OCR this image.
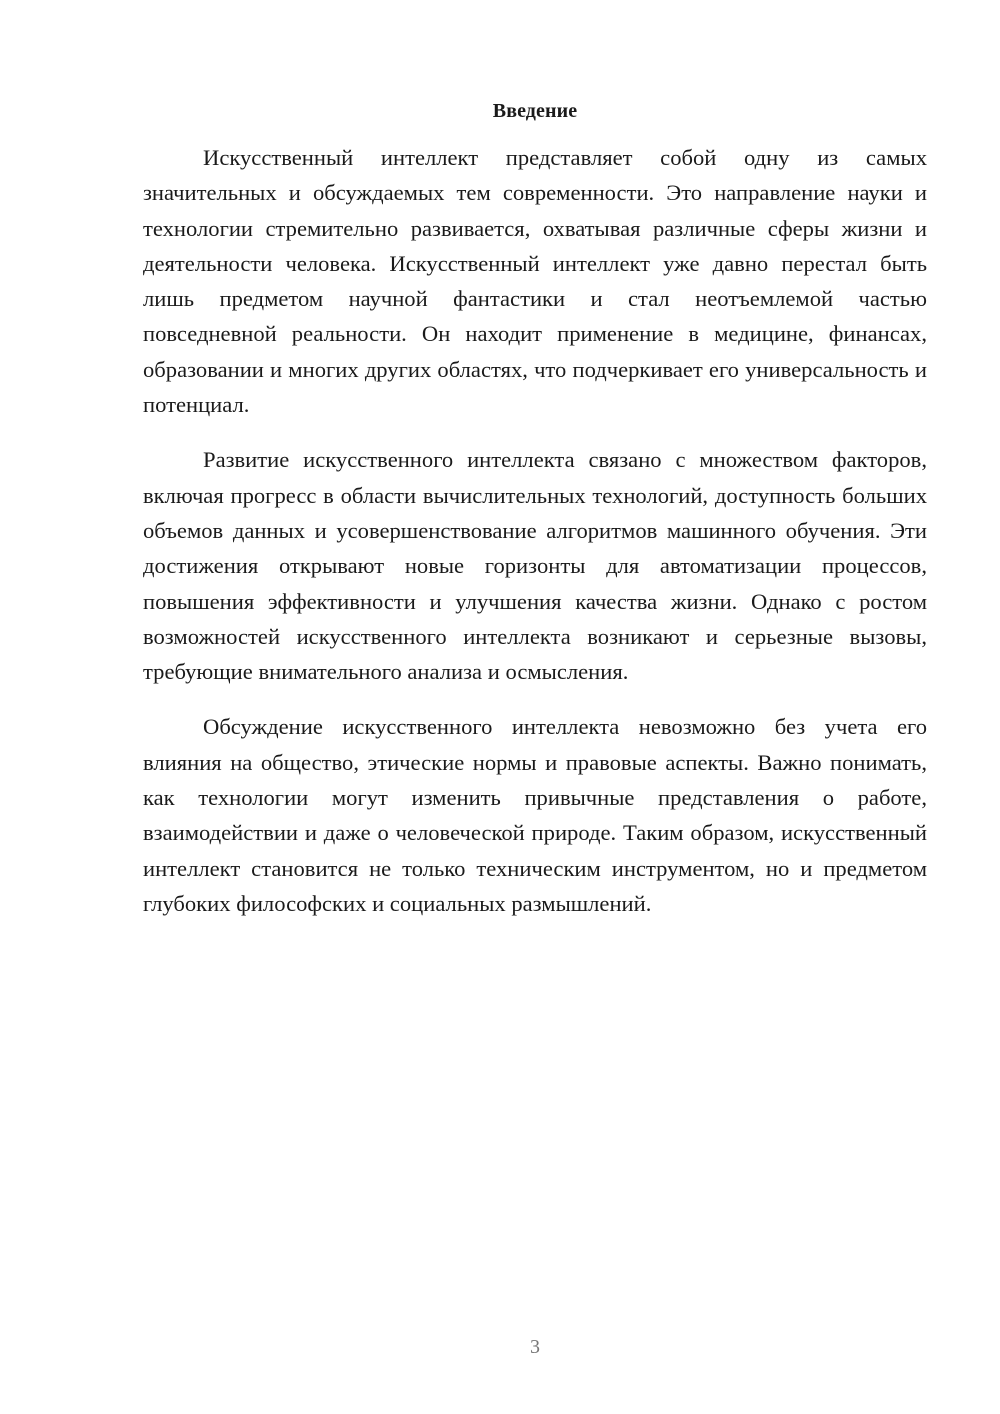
Введение

Искусственный интеллект представляет собой одну из самых значительных и обсуждаемых тем современности. Это направление науки и технологии стремительно развивается, охватывая различные сферы жизни и деятельности человека. Искусственный интеллект уже давно перестал быть лишь предметом научной фантастики и стал неотъемлемой частью повседневной реальности. Он находит применение в медицине, финансах, образовании и многих других областях, что подчеркивает его универсальность и потенциал.

Развитие искусственного интеллекта связано с множеством факторов, включая прогресс в области вычислительных технологий, доступность больших объемов данных и усовершенствование алгоритмов машинного обучения. Эти достижения открывают новые горизонты для автоматизации процессов, повышения эффективности и улучшения качества жизни. Однако с ростом возможностей искусственного интеллекта возникают и серьезные вызовы, требующие внимательного анализа и осмысления.

Обсуждение искусственного интеллекта невозможно без учета его влияния на общество, этические нормы и правовые аспекты. Важно понимать, как технологии могут изменить привычные представления о работе, взаимодействии и даже о человеческой природе. Таким образом, искусственный интеллект становится не только техническим инструментом, но и предметом глубоких философских и социальных размышлений.

3
